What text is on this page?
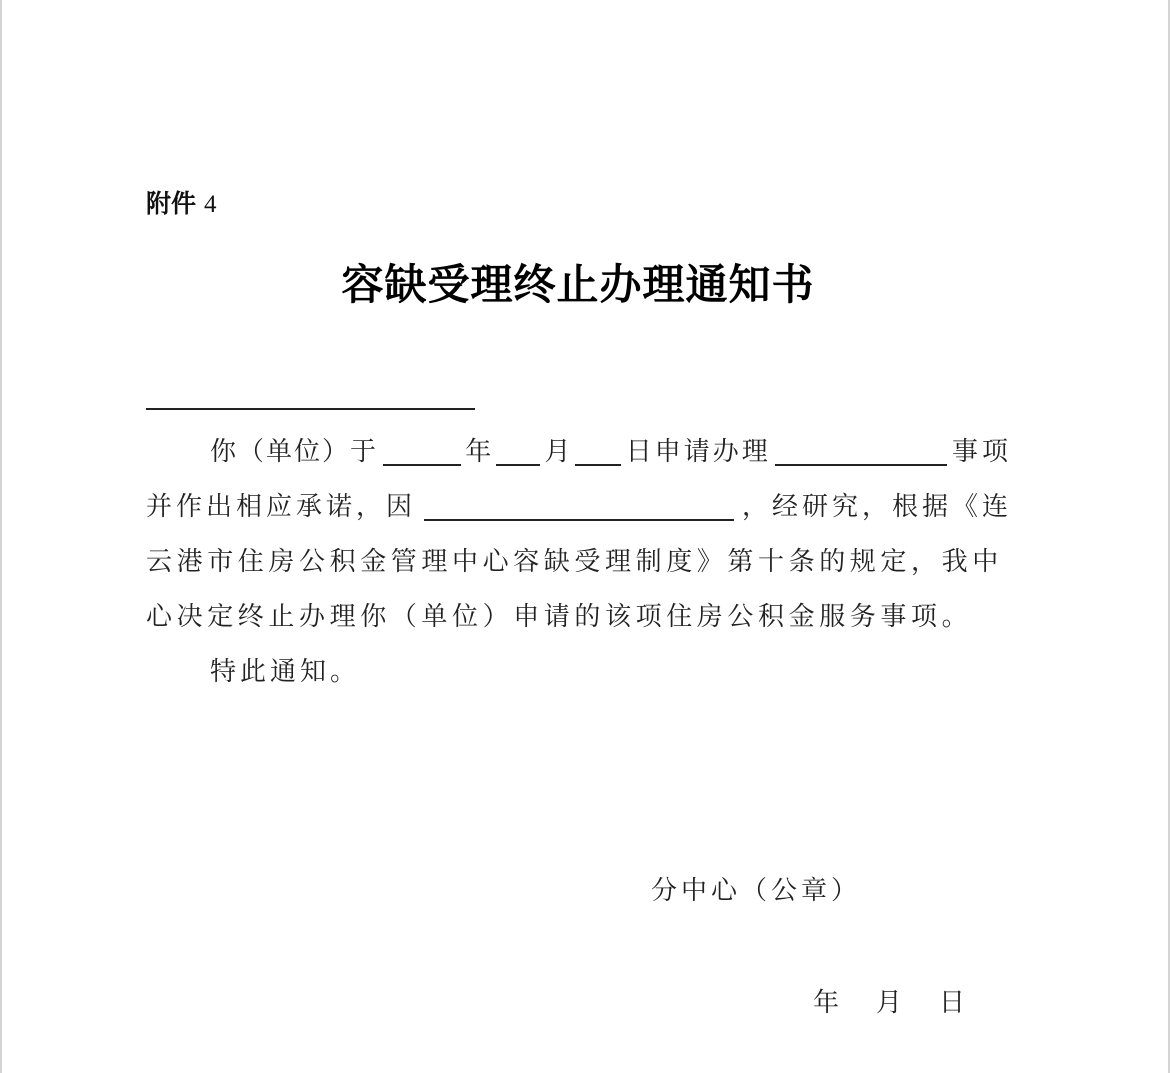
附件 4
容缺受理终止办理通知书
你（单位）于	年 月 日申请办理	事项
并作出相应承诺，因	，经研究，根据《连
云港市住房公积金管理中心容缺受理制度》第十条的规定，我中
心决定终止办理你（单位）申请的该项住房公积金服务事项。
特此通知。
分中心（公章）
年 月 日
